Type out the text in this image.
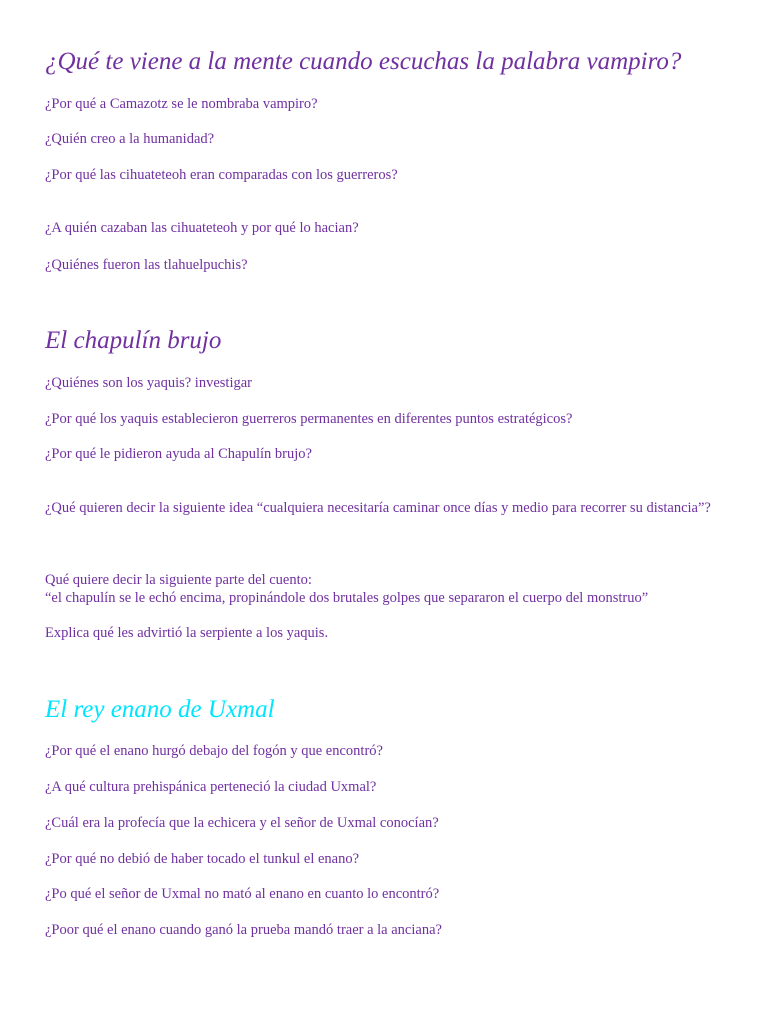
¿Qué te viene a la mente cuando escuchas la palabra vampiro?

¿Por qué a Camazotz se le nombraba vampiro?

¿Quién creo a la humanidad?

¿Por qué las cihuateteoh eran comparadas con los guerreros?

¿A quién cazaban las cihuateteoh y por qué lo hacian?

¿Quiénes fueron las tlahuelpuchis?

El chapulín brujo

¿Quiénes son los yaquis? investigar

¿Por qué los yaquis establecieron guerreros permanentes en diferentes puntos estratégicos?

¿Por qué le pidieron ayuda al Chapulín brujo?

¿Qué quieren decir la siguiente idea “cualquiera necesitaría caminar once días y medio para recorrer su distancia”?

Qué quiere decir la siguiente parte del cuento:

“el chapulín se le echó encima, propinándole dos brutales golpes que separaron el cuerpo del monstruo”

Explica qué les advirtió la serpiente a los yaquis.

El rey enano de Uxmal

¿Por qué el enano hurgó debajo del fogón y que encontró?

¿A qué cultura prehispánica perteneció la ciudad Uxmal?

¿Cuál era la profecía que la echicera y el señor de Uxmal conocían?

¿Por qué no debió de haber tocado el tunkul el enano?

¿Po qué el señor de Uxmal no mató al enano en cuanto lo encontró?

¿Poor qué el enano cuando ganó la prueba mandó traer a la anciana?
